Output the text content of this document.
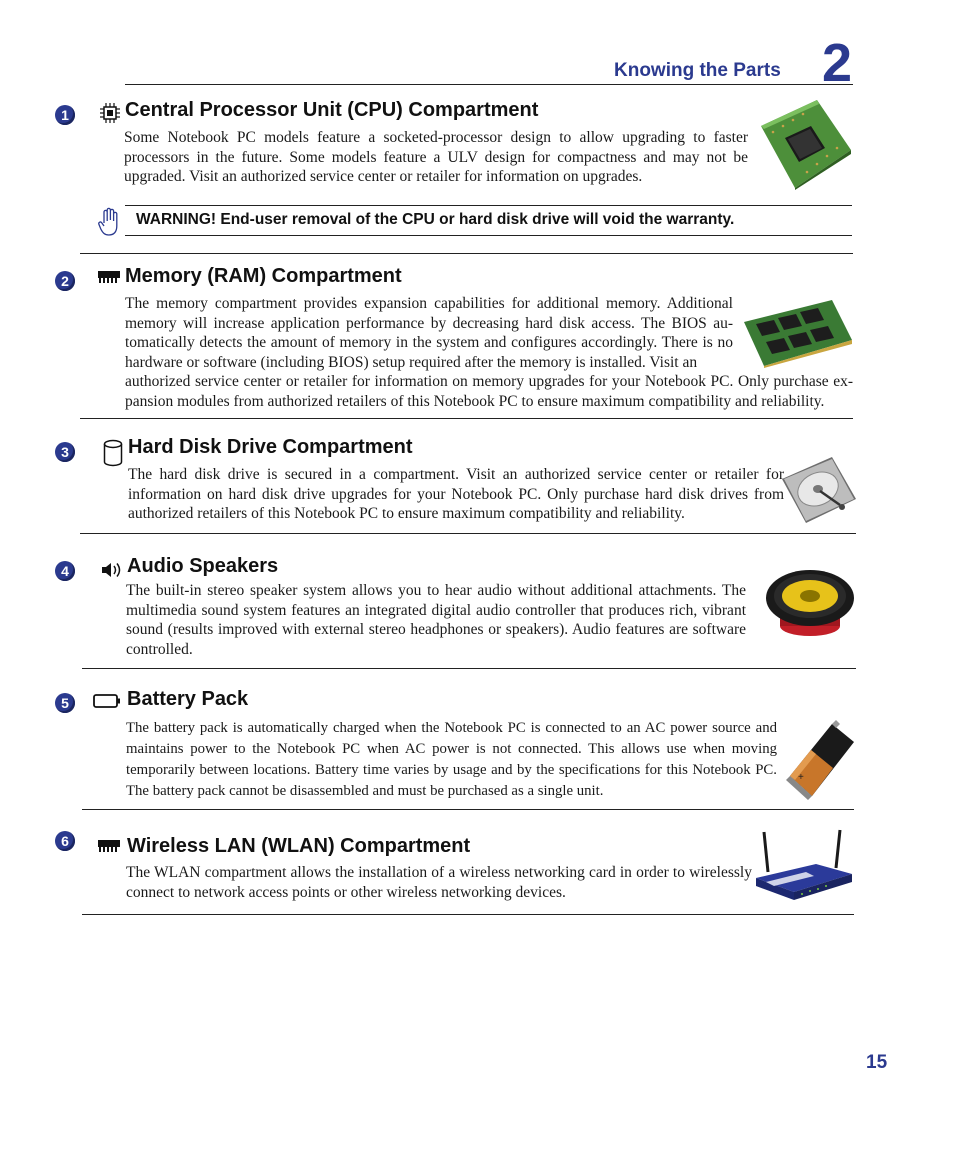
Knowing the Parts 2
1	Central Processor Unit (CPU) Compartment
Some Notebook PC models feature a socketed-processor design to allow upgrading to faster processors in the future. Some models feature a ULV design for compactness and may not be upgraded. Visit an authorized service center or retailer for information on upgrades.
WARNING! End-user removal of the CPU or hard disk drive will void the warranty.
2	Memory (RAM) Compartment
The memory compartment provides expansion capabilities for additional memory. Additional memory will increase application performance by decreasing hard disk access. The BIOS au-tomatically detects the amount of memory in the system and configures accordingly. There is no hardware or software (including BIOS) setup required after the memory is installed. Visit an
authorized service center or retailer for information on memory upgrades for your Notebook PC. Only purchase ex-pansion modules from authorized retailers of this Notebook PC to ensure maximum compatibility and reliability.
3	Hard Disk Drive Compartment
The hard disk drive is secured in a compartment. Visit an authorized service center or retailer for information on hard disk drive upgrades for your Notebook PC. Only purchase hard disk drives from authorized retailers of this Notebook PC to ensure maximum compatibility and reliability.
4	Audio Speakers
The built-in stereo speaker system allows you to hear audio without additional attachments. The multimedia sound system features an integrated digital audio controller that produces rich, vibrant sound (results improved with external stereo headphones or speakers). Audio features are software controlled.
5	Battery Pack
The battery pack is automatically charged when the Notebook PC is connected to an AC power source and maintains power to the Notebook PC when AC power is not connected. This allows use when moving temporarily between locations. Battery time varies by usage and by the specifications for this Notebook PC. The battery pack cannot be disassembled and must be purchased as a single unit.
+
6	Wireless LAN (WLAN) Compartment
The WLAN compartment allows the installation of a wireless networking card in order to wirelessly connect to network access points or other wireless networking devices.
15
